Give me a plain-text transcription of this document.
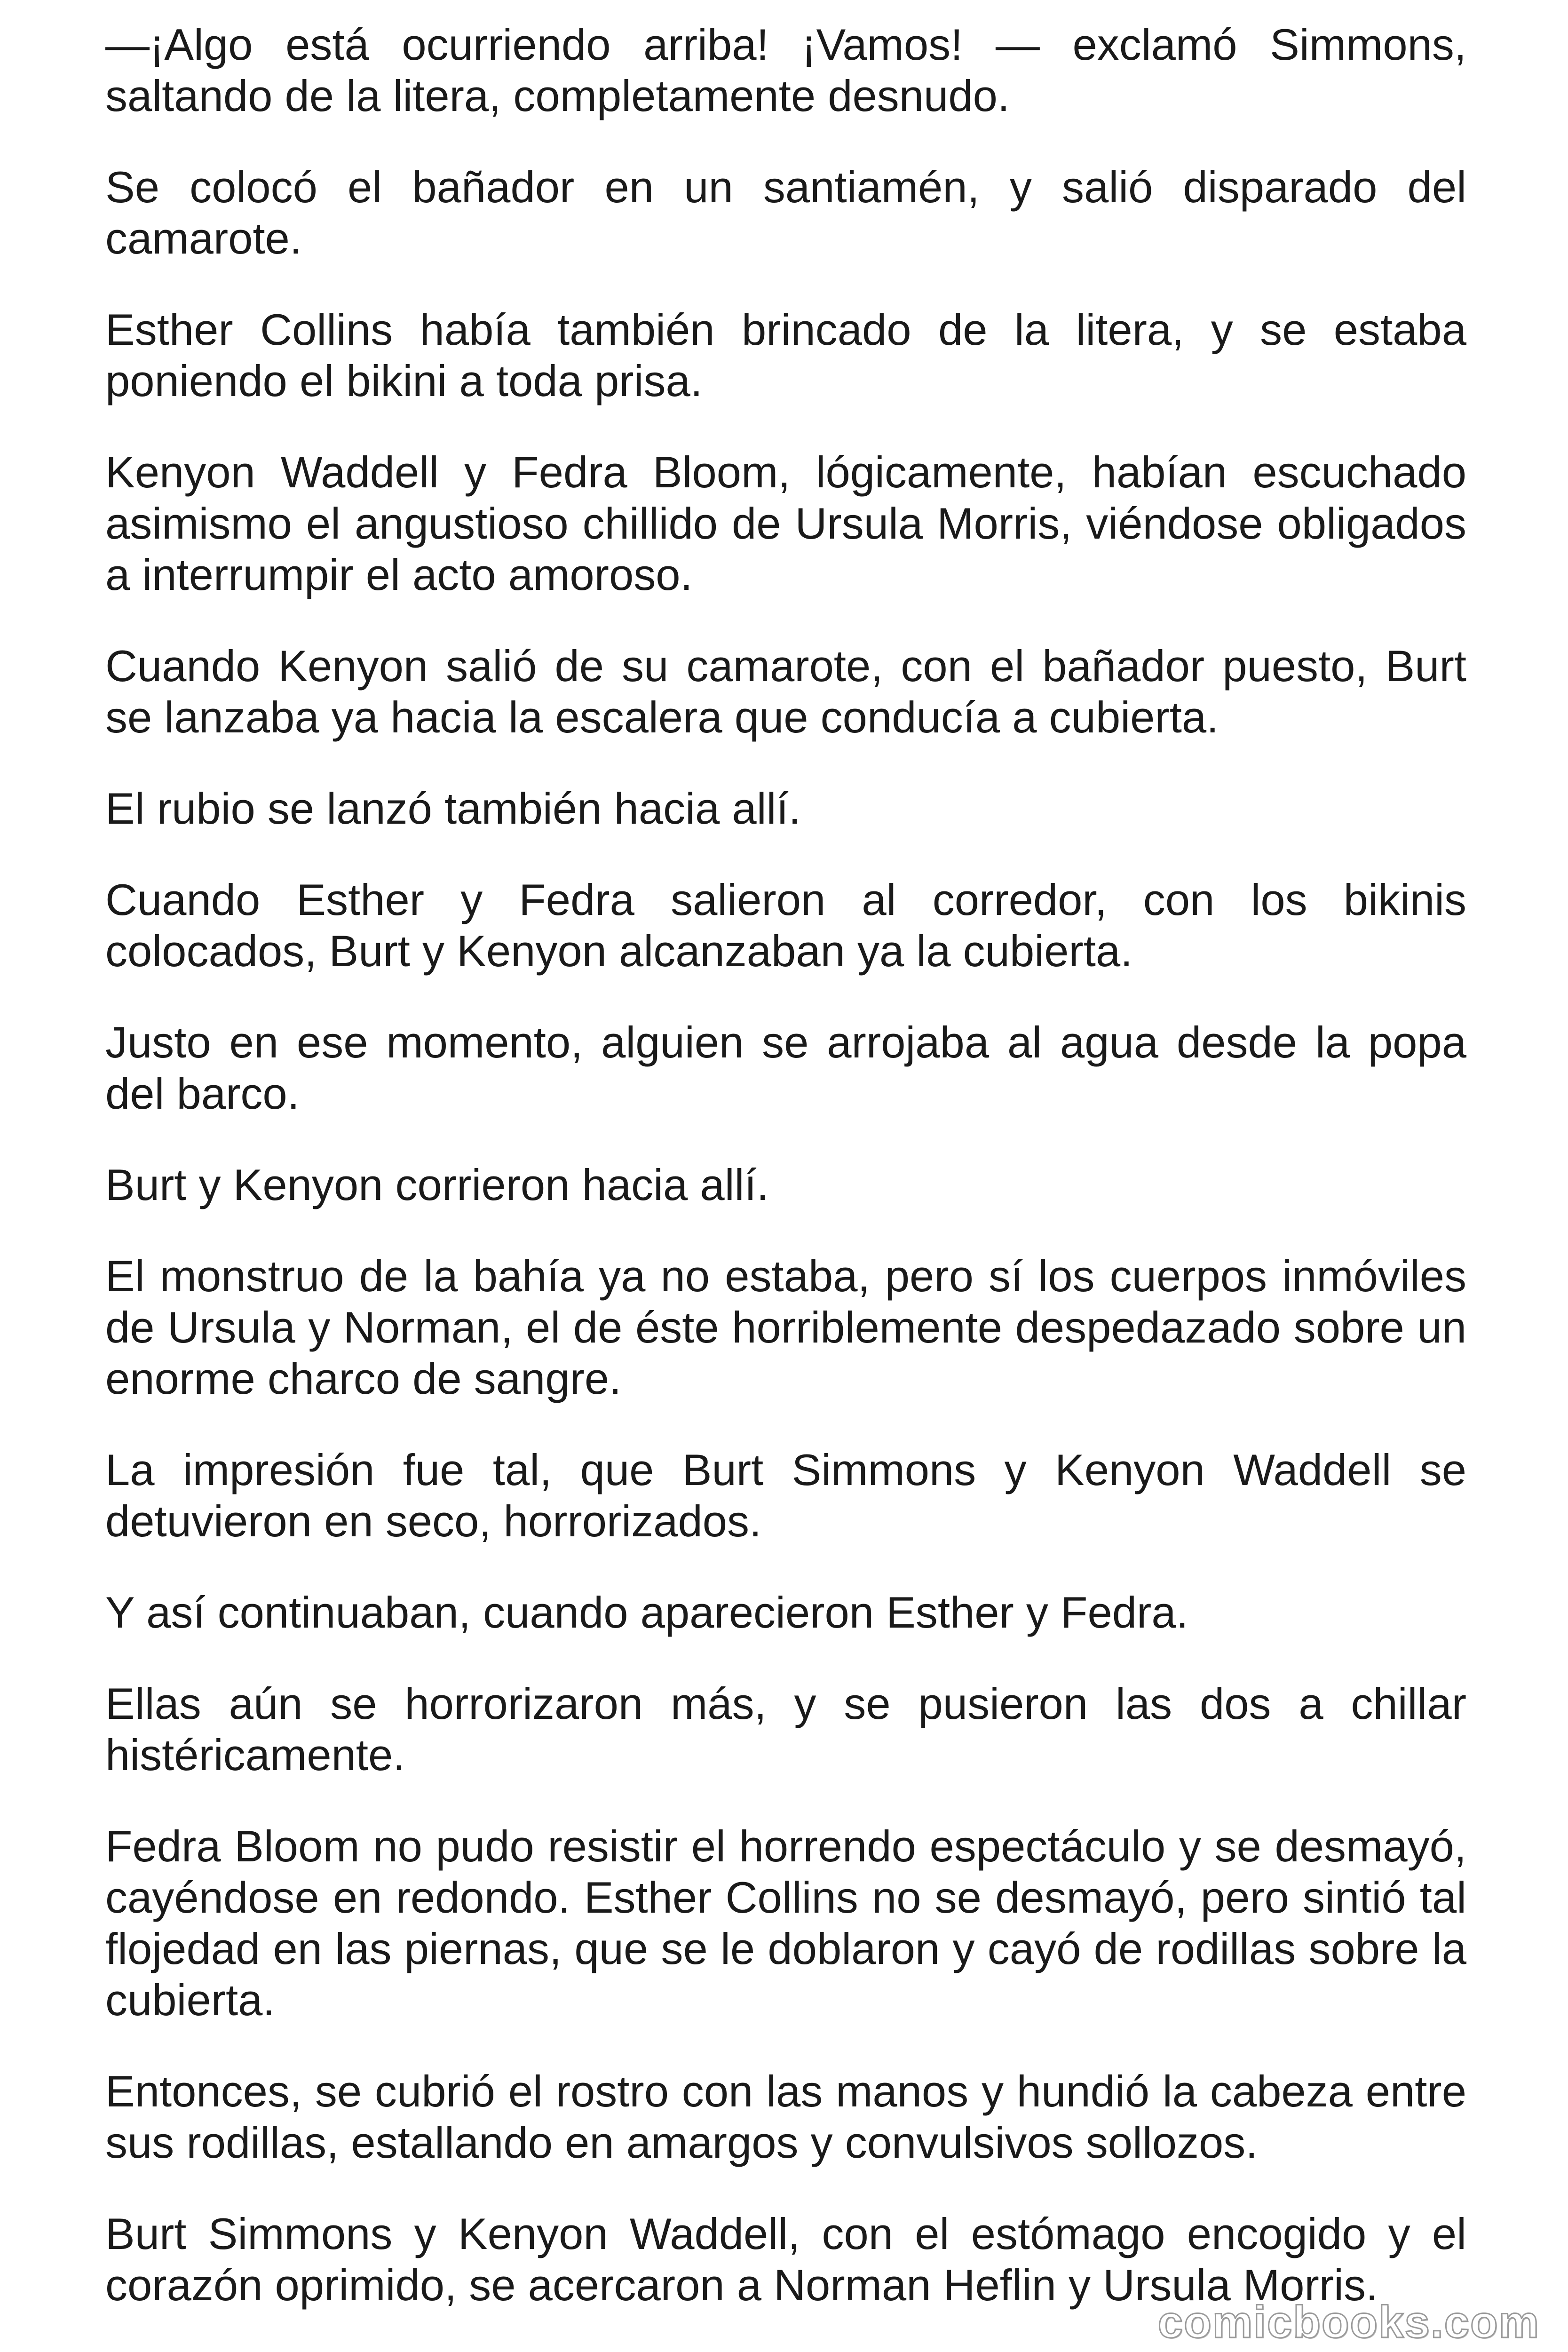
—¡Algo está ocurriendo arriba! ¡Vamos! — exclamó Simmons, saltando de la litera, completamente desnudo.

Se colocó el bañador en un santiamén, y salió disparado del camarote.

Esther Collins había también brincado de la litera, y se estaba poniendo el bikini a toda prisa.

Kenyon Waddell y Fedra Bloom, lógicamente, habían escuchado asimismo el angustioso chillido de Ursula Morris, viéndose obligados a interrumpir el acto amoroso.

Cuando Kenyon salió de su camarote, con el bañador puesto, Burt se lanzaba ya hacia la escalera que conducía a cubierta.

El rubio se lanzó también hacia allí.

Cuando Esther y Fedra salieron al corredor, con los bikinis colocados, Burt y Kenyon alcanzaban ya la cubierta.

Justo en ese momento, alguien se arrojaba al agua desde la popa del barco.

Burt y Kenyon corrieron hacia allí.

El monstruo de la bahía ya no estaba, pero sí los cuerpos inmóviles de Ursula y Norman, el de éste horriblemente despedazado sobre un enorme charco de sangre.

La impresión fue tal, que Burt Simmons y Kenyon Waddell se detuvieron en seco, horrorizados.

Y así continuaban, cuando aparecieron Esther y Fedra.

Ellas aún se horrorizaron más, y se pusieron las dos a chillar histéricamente.

Fedra Bloom no pudo resistir el horrendo espectáculo y se desmayó, cayéndose en redondo. Esther Collins no se desmayó, pero sintió tal flojedad en las piernas, que se le doblaron y cayó de rodillas sobre la cubierta.

Entonces, se cubrió el rostro con las manos y hundió la cabeza entre sus rodillas, estallando en amargos y convulsivos sollozos.

Burt Simmons y Kenyon Waddell, con el estómago encogido y el corazón oprimido, se acercaron a Norman Heflin y Ursula Morris.

comicbooks.com
